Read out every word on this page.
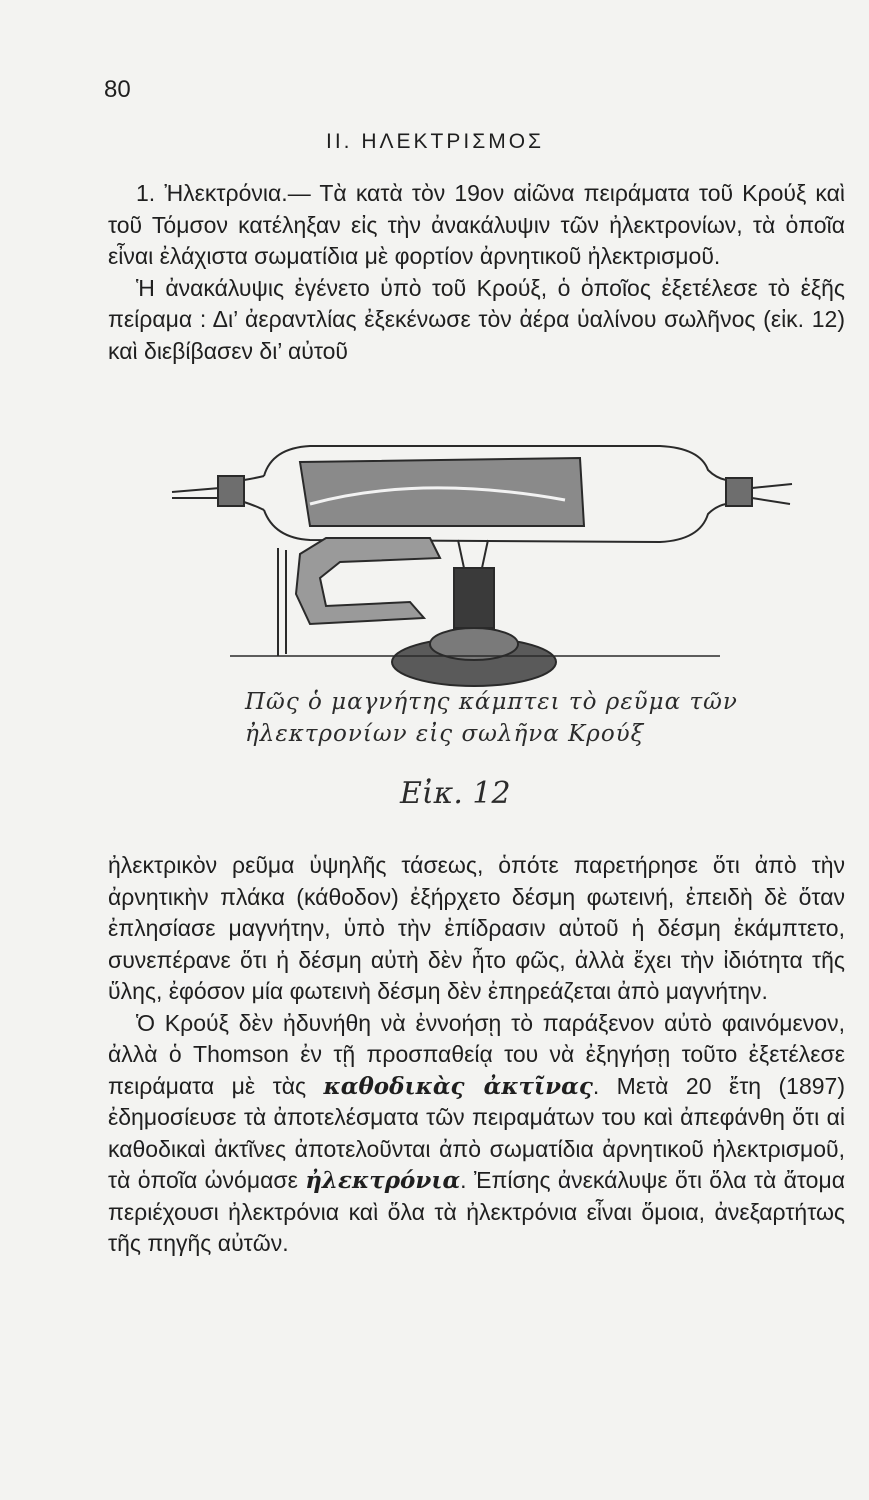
80
II. ΗΛΕΚΤΡΙΣΜΟΣ

1. Ἠλεκτρόνια.— Τὰ κατὰ τὸν 19ον αἰῶνα πειράματα τοῦ Κρούξ καὶ τοῦ Τόμσον κατέληξαν εἰς τὴν ἀνακάλυψιν τῶν ἠλεκτρονίων, τὰ ὁποῖα εἶναι ἐλάχιστα σωματίδια μὲ φορτίον ἀρνητικοῦ ἠλεκτρισμοῦ.

Ἡ ἀνακάλυψις ἐγένετο ὑπὸ τοῦ Κρούξ, ὁ ὁποῖος ἐξετέλεσε τὸ ἑξῆς πείραμα : Δι’ ἀεραντλίας ἐξεκένωσε τὸν ἀέρα ὑαλίνου σωλῆνος (εἰκ. 12) καὶ διεβίβασεν δι’ αὐτοῦ

Πῶς ὁ μαγνήτης κάμπτει τὸ ρεῦμα τῶν
ἠλεκτρονίων εἰς σωλῆνα Κρούξ
Εἰκ. 12

ἠλεκτρικὸν ρεῦμα ὑψηλῆς τάσεως, ὁπότε παρετήρησε ὅτι ἀπὸ τὴν ἀρνητικὴν πλάκα (κάθοδον) ἐξήρχετο δέσμη φωτεινή, ἐπειδὴ δὲ ὅταν ἐπλησίασε μαγνήτην, ὑπὸ τὴν ἐπίδρασιν αὐτοῦ ἡ δέσμη ἐκάμπτετο, συνεπέρανε ὅτι ἡ δέσμη αὐτὴ δὲν ἦτο φῶς, ἀλλὰ ἔχει τὴν ἰδιότητα τῆς ὕλης, ἐφόσον μία φωτεινὴ δέσμη δὲν ἐπηρεάζεται ἀπὸ μαγνήτην.

Ὁ Κρούξ δὲν ἠδυνήθη νὰ ἐννοήσῃ τὸ παράξενον αὐτὸ φαινόμενον, ἀλλὰ ὁ Thomson ἐν τῇ προσπαθείᾳ του νὰ ἐξηγήσῃ τοῦτο ἐξετέλεσε πειράματα μὲ τὰς καθοδικὰς ἀκτῖνας. Μετὰ 20 ἔτη (1897) ἐδημοσίευσε τὰ ἀποτελέσματα τῶν πειραμάτων του καὶ ἀπεφάνθη ὅτι αἱ καθοδικαὶ ἀκτῖνες ἀποτελοῦνται ἀπὸ σωματίδια ἀρνητικοῦ ἠλεκτρισμοῦ, τὰ ὁποῖα ὠνόμασε ἠλεκτρόνια. Ἐπίσης ἀνεκάλυψε ὅτι ὅλα τὰ ἄτομα περιέχουσι ἠλεκτρόνια καὶ ὅλα τὰ ἠλεκτρόνια εἶναι ὅμοια, ἀνεξαρτήτως τῆς πηγῆς αὐτῶν.
